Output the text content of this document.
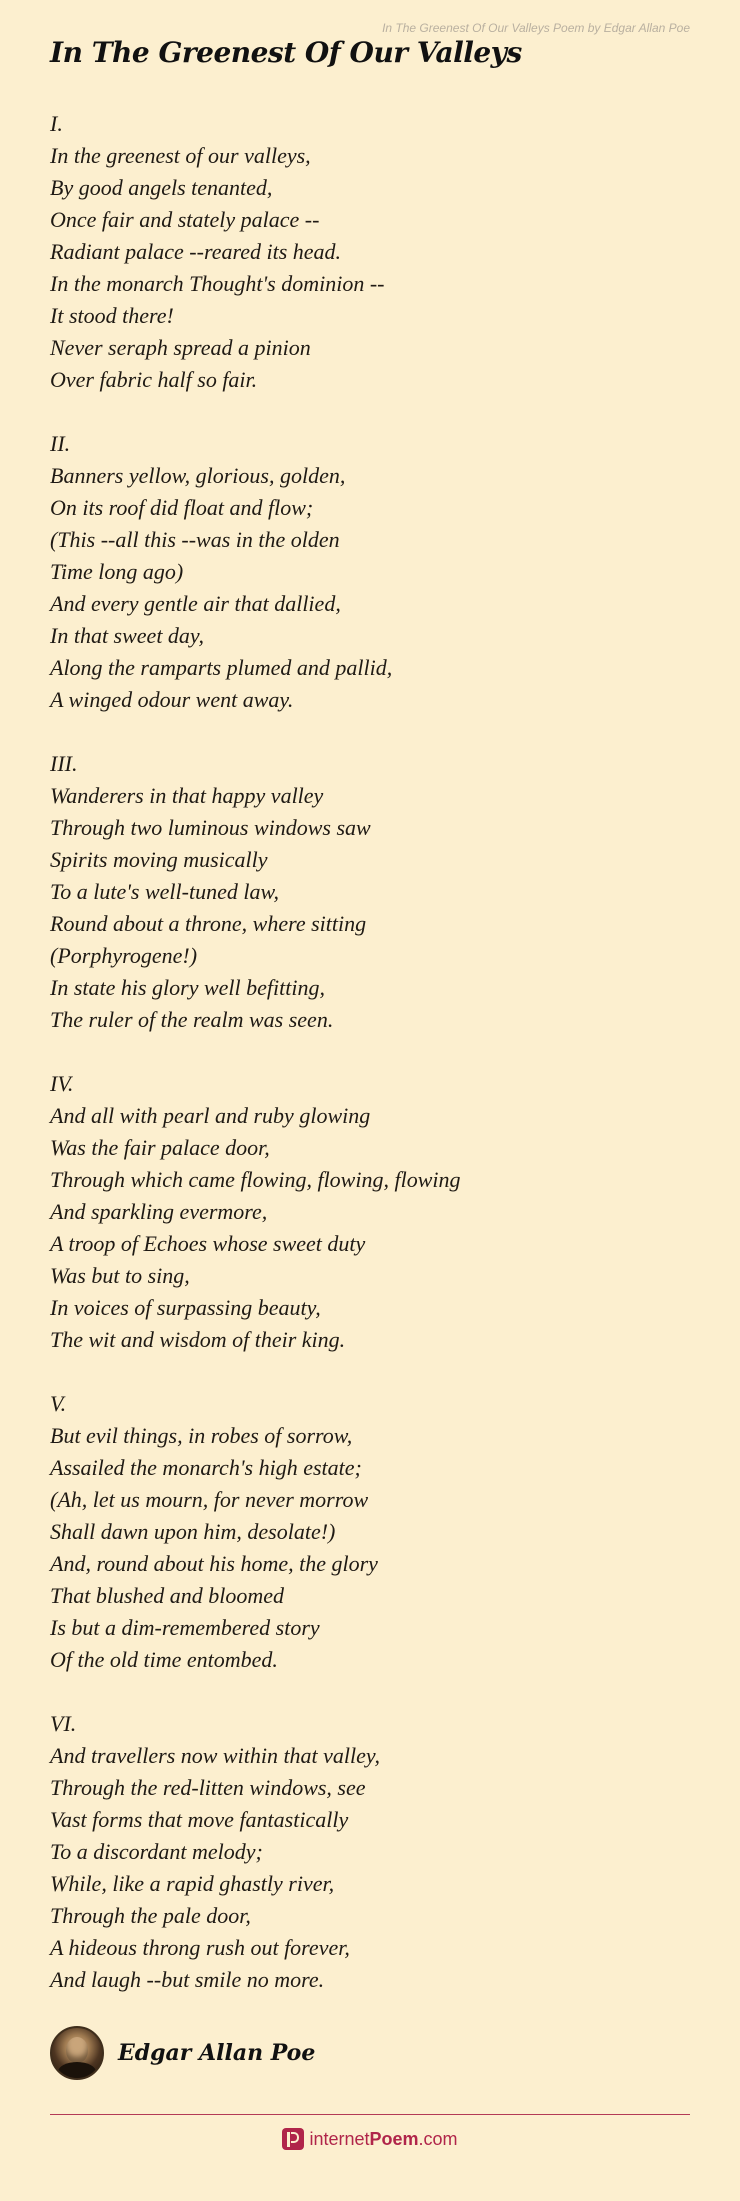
In The Greenest Of Our Valleys Poem by Edgar Allan Poe
In The Greenest Of Our Valleys
I.
In the greenest of our valleys,
By good angels tenanted,
Once fair and stately palace --
Radiant palace --reared its head.
In the monarch Thought's dominion --
It stood there!
Never seraph spread a pinion
Over fabric half so fair.
II.
Banners yellow, glorious, golden,
On its roof did float and flow;
(This --all this --was in the olden
Time long ago)
And every gentle air that dallied,
In that sweet day,
Along the ramparts plumed and pallid,
A winged odour went away.
III.
Wanderers in that happy valley
Through two luminous windows saw
Spirits moving musically
To a lute's well-tuned law,
Round about a throne, where sitting
(Porphyrogene!)
In state his glory well befitting,
The ruler of the realm was seen.
IV.
And all with pearl and ruby glowing
Was the fair palace door,
Through which came flowing, flowing, flowing
And sparkling evermore,
A troop of Echoes whose sweet duty
Was but to sing,
In voices of surpassing beauty,
The wit and wisdom of their king.
V.
But evil things, in robes of sorrow,
Assailed the monarch's high estate;
(Ah, let us mourn, for never morrow
Shall dawn upon him, desolate!)
And, round about his home, the glory
That blushed and bloomed
Is but a dim-remembered story
Of the old time entombed.
VI.
And travellers now within that valley,
Through the red-litten windows, see
Vast forms that move fantastically
To a discordant melody;
While, like a rapid ghastly river,
Through the pale door,
A hideous throng rush out forever,
And laugh --but smile no more.
Edgar Allan Poe
internet Poem .com
